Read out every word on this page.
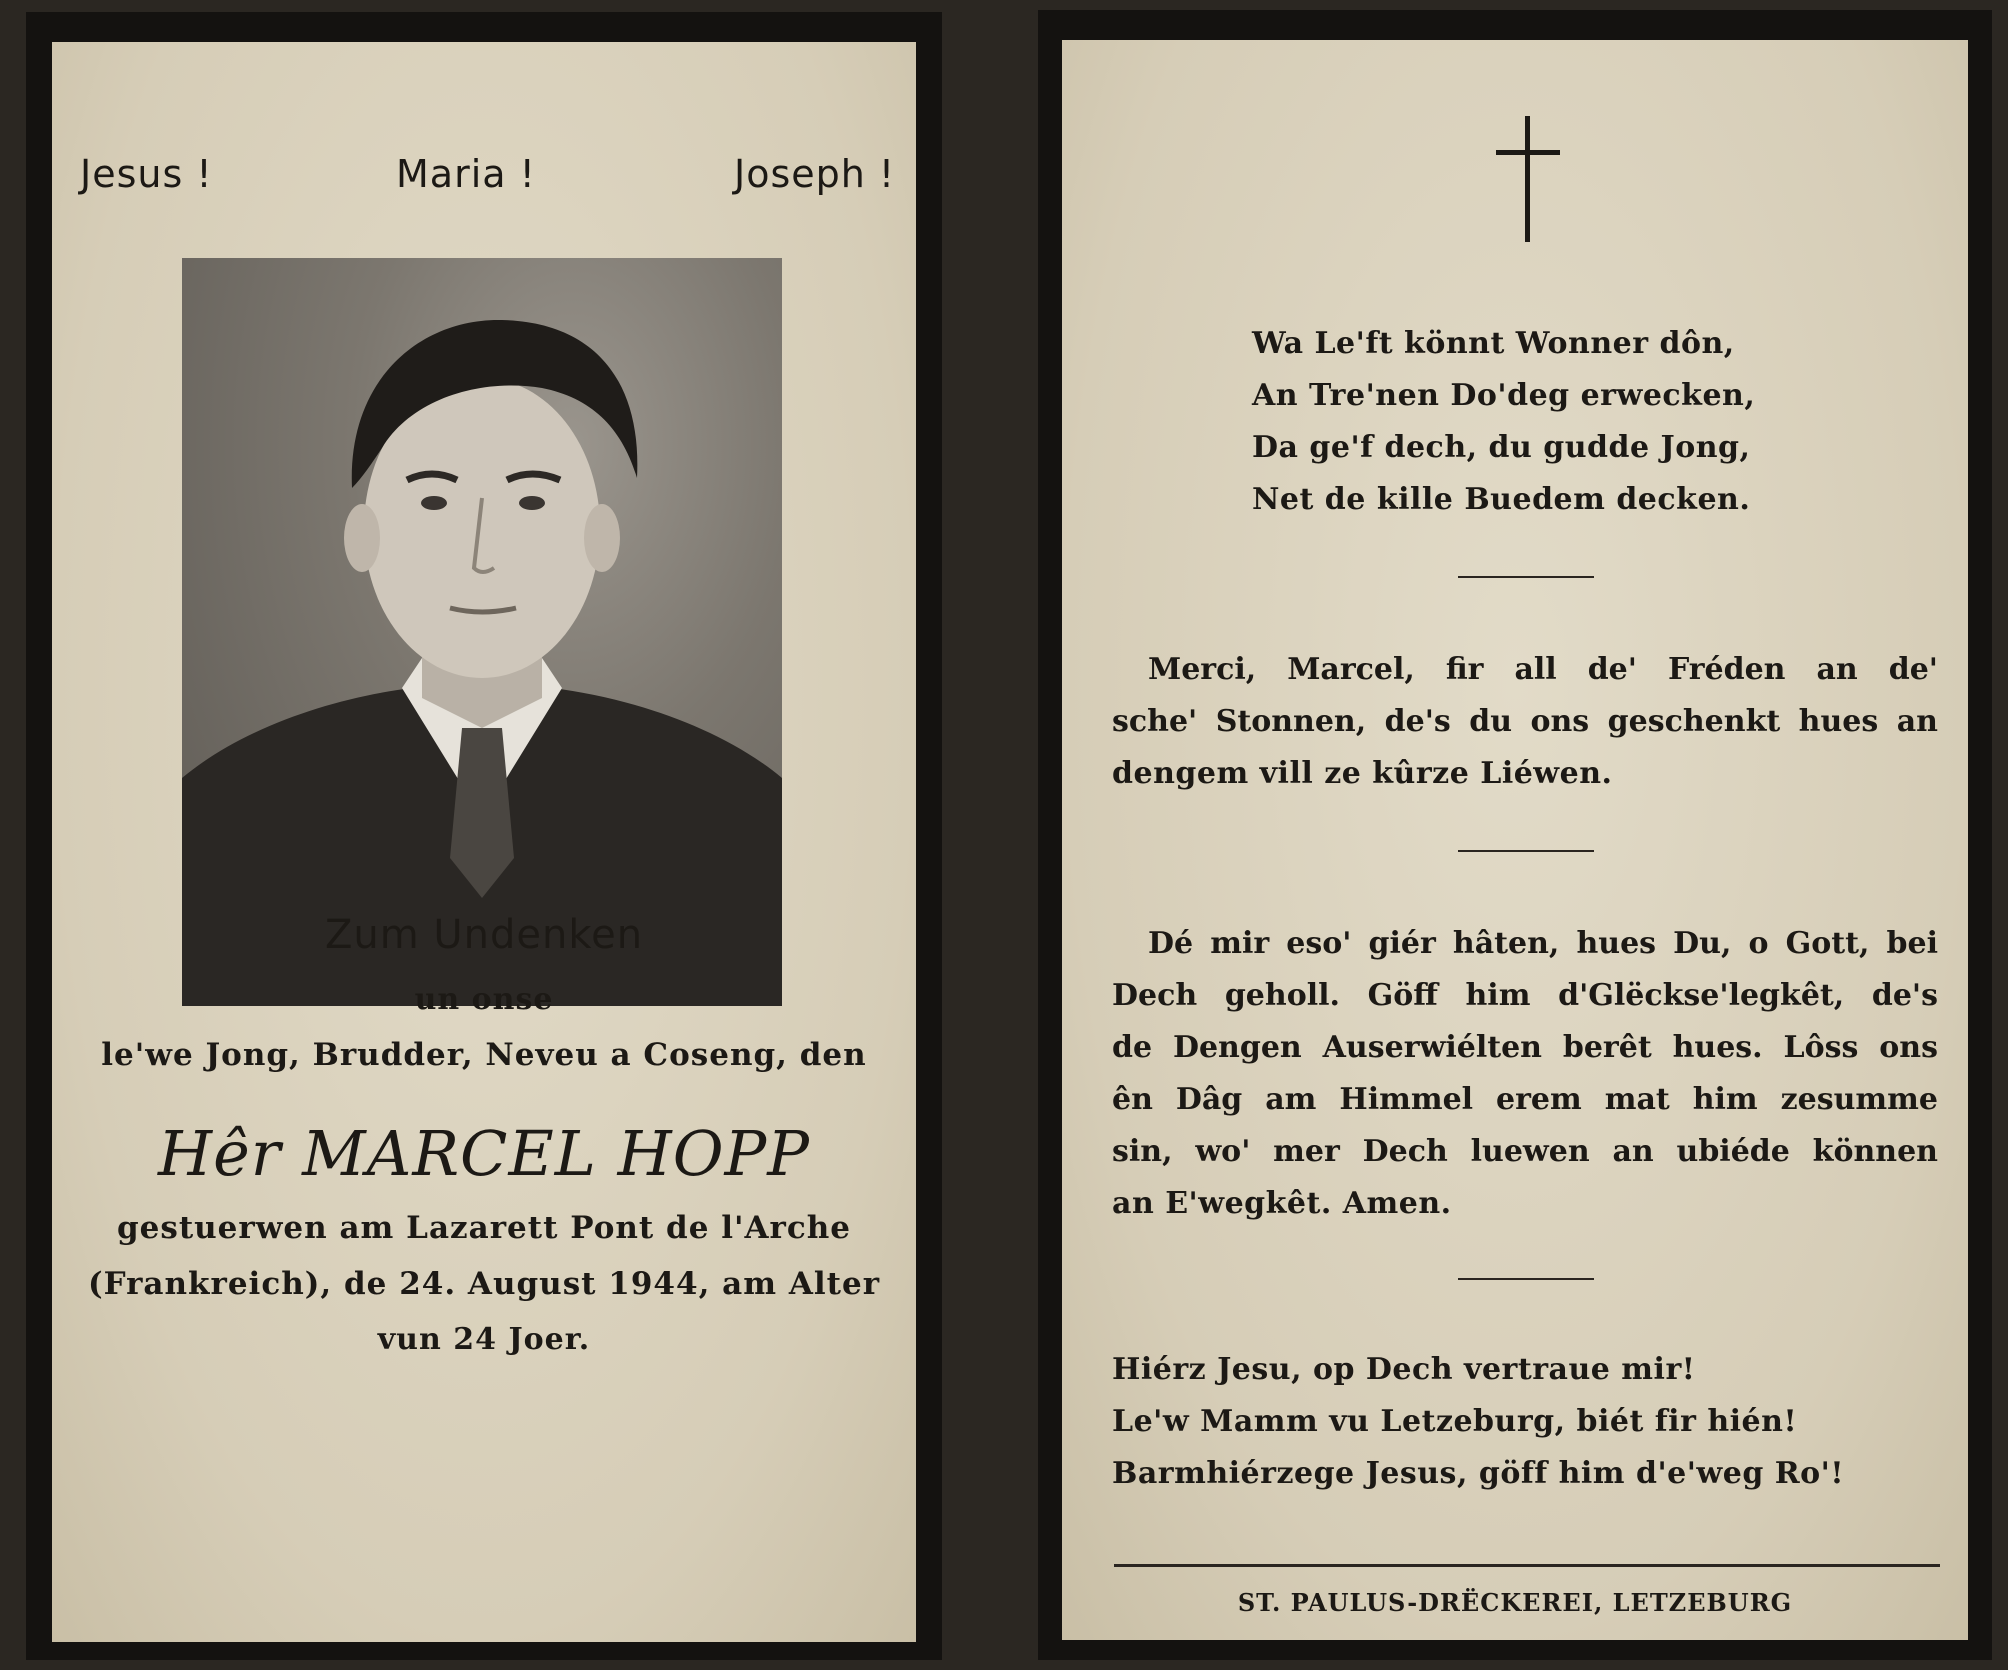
Jesus !	Maria !	Joseph !
Zum Undenken
un onse
le'we Jong, Brudder, Neveu a Coseng, den
Hêr MARCEL HOPP
gestuerwen am Lazarett Pont de l'Arche
(Frankreich), de 24. August 1944, am Alter
vun 24 Joer.
Wa Le'ft könnt Wonner dôn,
An Tre'nen Do'deg erwecken,
Da ge'f dech, du gudde Jong,
Net de kille Buedem decken.
Merci, Marcel, fir all de' Fréden an de'
sche' Stonnen, de's du ons geschenkt hues an
dengem vill ze kûrze Liéwen.
Dé mir eso' giér hâten, hues Du, o Gott, bei
Dech geholl. Göff him d'Glëckse'legkêt, de's
de Dengen Auserwiélten berêt hues. Lôss ons
ên Dâg am Himmel erem mat him zesumme
sin, wo' mer Dech luewen an ubiéde können
an E'wegkêt. Amen.
Hiérz Jesu, op Dech vertraue mir!
Le'w Mamm vu Letzeburg, biét fir hién!
Barmhiérzege Jesus, göff him d'e'weg Ro'!
ST. PAULUS-DRËCKEREI, LETZEBURG
